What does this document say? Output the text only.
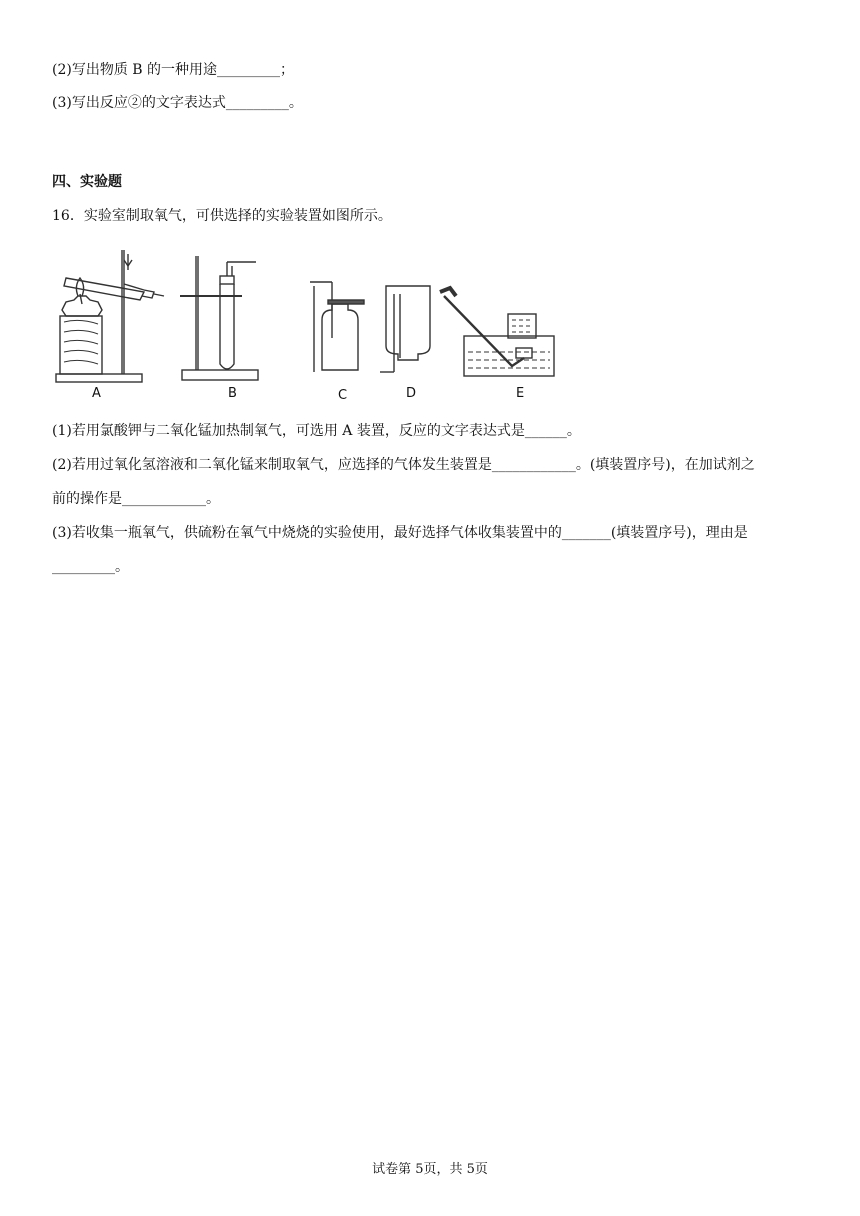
(2)写出物质 B 的一种用途_________；
(3)写出反应②的文字表达式_________。
四、实验题
16．实验室制取氧气，可供选择的实验装置如图所示。
A	B	C	D	E
(1)若用氯酸钾与二氧化锰加热制氧气，可选用 A 装置，反应的文字表达式是______。
(2)若用过氧化氢溶液和二氧化锰来制取氧气，应选择的气体发生装置是____________。(填装置序号)，在加试剂之
前的操作是____________。
(3)若收集一瓶氧气，供硫粉在氧气中烧烧的实验使用，最好选择气体收集装置中的_______(填装置序号)，理由是
_________。
试卷第 5页，共 5页
